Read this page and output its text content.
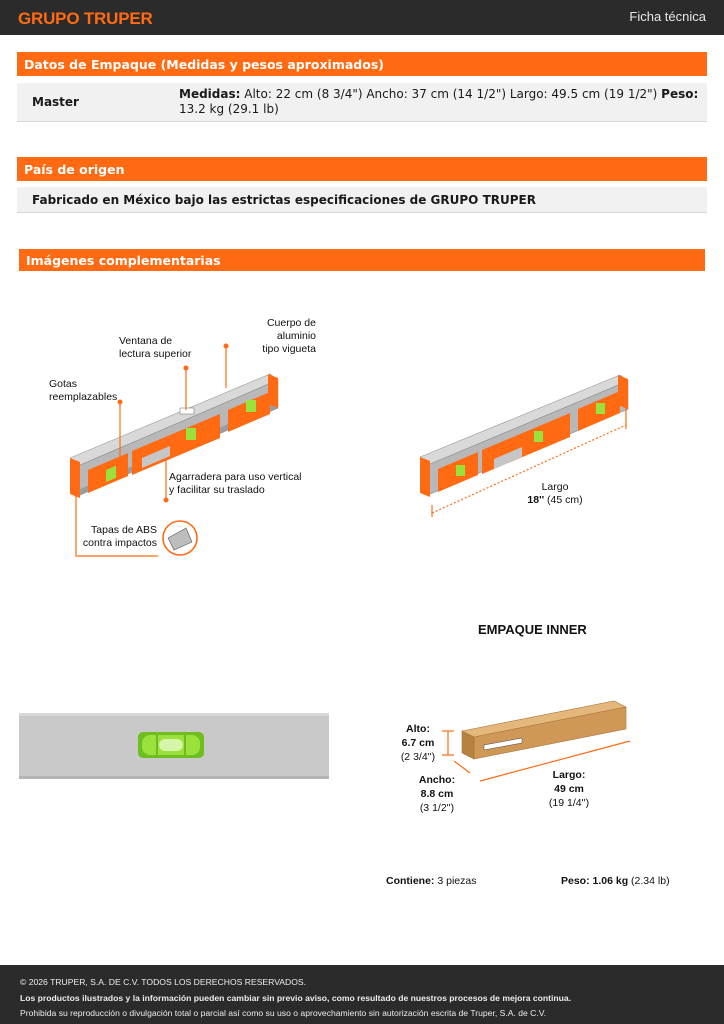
GRUPO TRUPER	Ficha técnica
Datos de Empaque (Medidas y pesos aproximados)
Master
Medidas: Alto: 22 cm (8 3/4") Ancho: 37 cm (14 1/2") Largo: 49.5 cm (19 1/2") Peso: 13.2 kg (29.1 lb)
País de origen
Fabricado en México bajo las estrictas especificaciones de GRUPO TRUPER
Imágenes complementarias
Cuerpo de aluminio
tipo vigueta
Ventana de
lectura superior
Gotas
reemplazables
Agarradera para uso vertical
y facilitar su traslado
Tapas de ABS
contra impactos
Largo
18'' (45 cm)
EMPAQUE INNER
Alto:
6.7 cm
(2 3/4'')
Ancho:
8.8 cm
(3 1/2'')
Largo:
49 cm
(19 1/4'')
Contiene: 3 piezas	Peso: 1.06 kg (2.34 lb)
© 2026 TRUPER, S.A. DE C.V. TODOS LOS DERECHOS RESERVADOS.
Los productos ilustrados y la información pueden cambiar sin previo aviso, como resultado de nuestros procesos de mejora continua.
Prohibida su reproducción o divulgación total o parcial así como su uso o aprovechamiento sin autorización escrita de Truper, S.A. de C.V.
